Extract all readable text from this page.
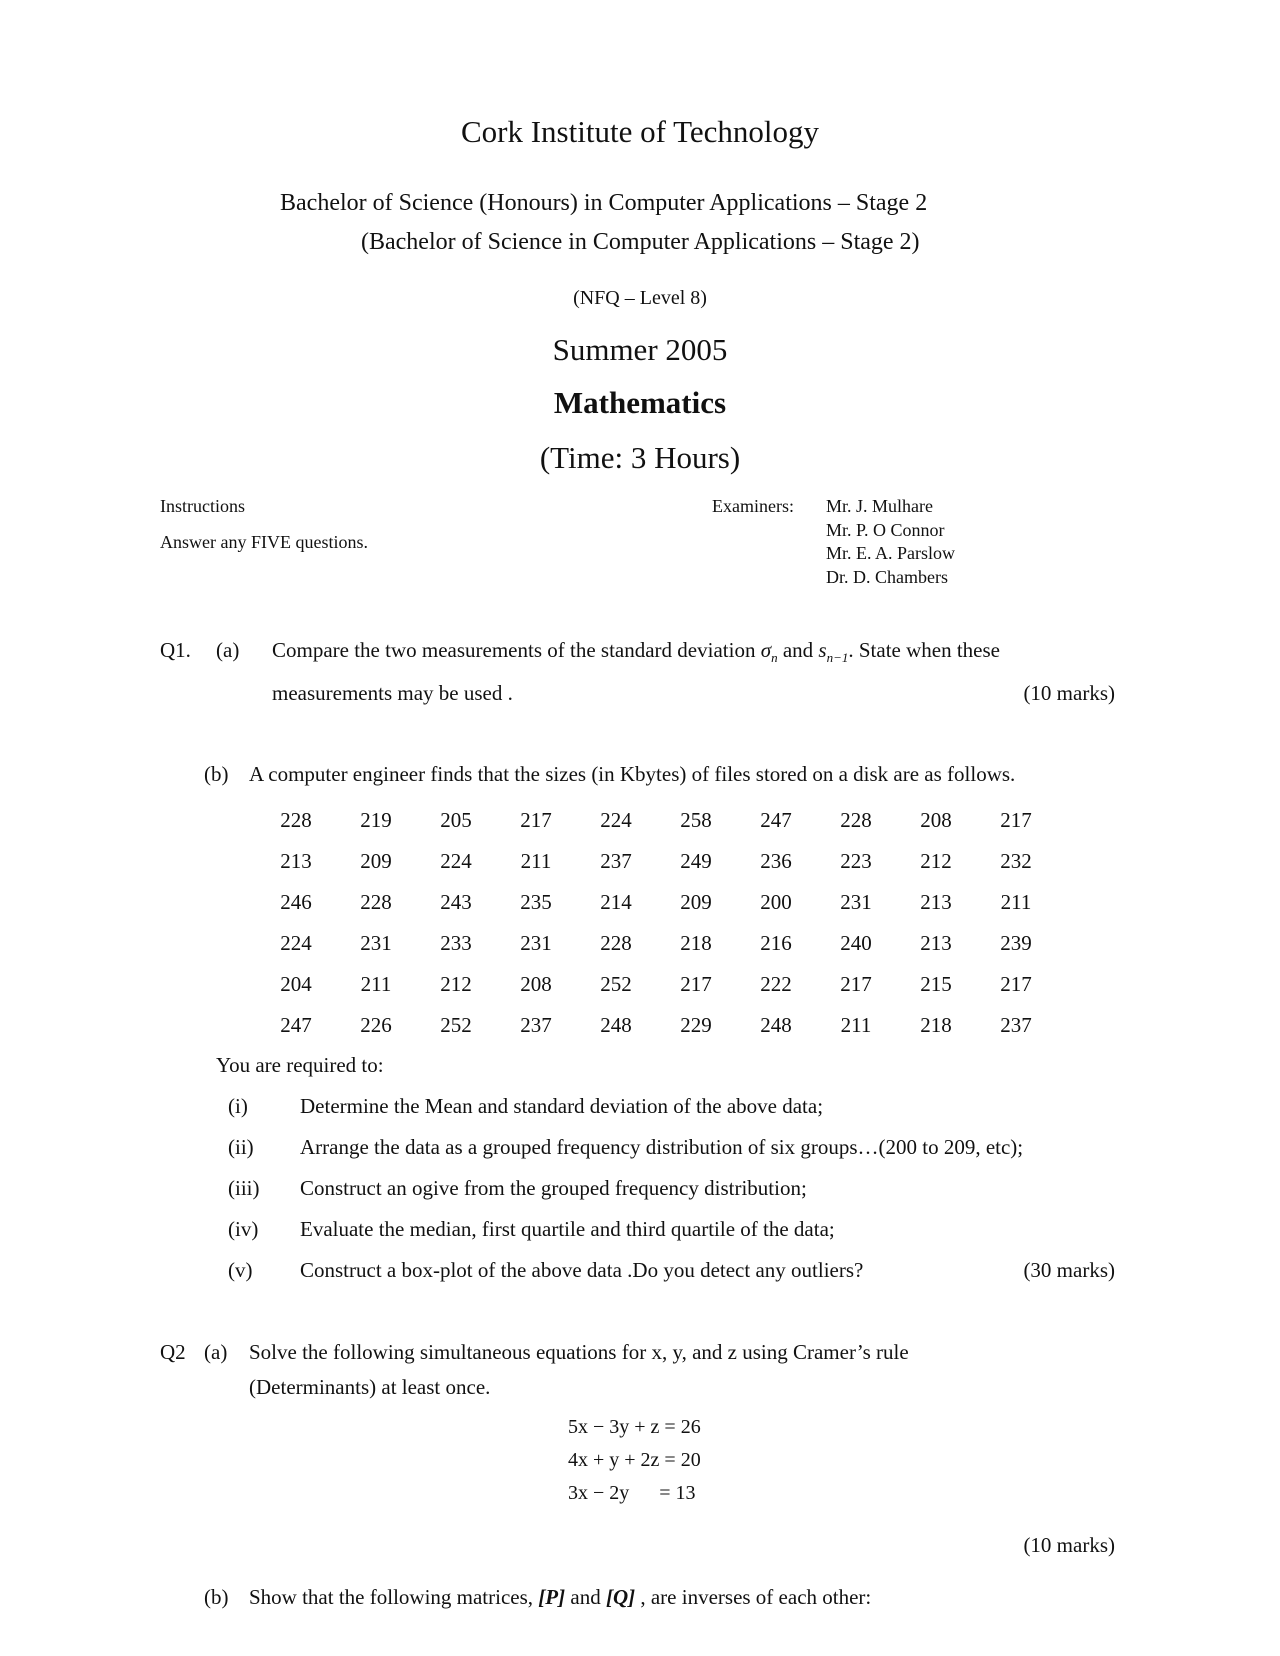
Cork Institute of Technology
Bachelor of Science (Honours) in Computer Applications – Stage 2
(Bachelor of Science in Computer Applications – Stage 2)
(NFQ – Level 8)
Summer 2005
Mathematics
(Time: 3 Hours)
Instructions
Answer any FIVE questions.
Examiners: Mr. J. Mulhare
Mr. P. O Connor
Mr. E. A. Parslow
Dr. D. Chambers
Q1. (a) Compare the two measurements of the standard deviation $\sigma_n$ and $s_{n-1}$. State when these
measurements may be used .	(10 marks)
(b) A computer engineer finds that the sizes (in Kbytes) of files stored on a disk are as follows.
228	219	205	217	224	258	247	228	208	217
213	209	224	211	237	249	236	223	212	232
246	228	243	235	214	209	200	231	213	211
224	231	233	231	228	218	216	240	213	239
204	211	212	208	252	217	222	217	215	217
247	226	252	237	248	229	248	211	218	237
You are required to:
(i) Determine the Mean and standard deviation of the above data;
(ii) Arrange the data as a grouped frequency distribution of six groups…(200 to 209, etc);
(iii) Construct an ogive from the grouped frequency distribution;
(iv) Evaluate the median, first quartile and third quartile of the data;
(v) Construct a box-plot of the above data .Do you detect any outliers?	(30 marks)
Q2 (a) Solve the following simultaneous equations for x, y, and z using Cramer’s rule
(Determinants) at least once.
5x − 3y + z = 26
4x + y + 2z = 20
3x − 2y      = 13
(10 marks)
(b) Show that the following matrices, [P] and [Q] , are inverses of each other:
